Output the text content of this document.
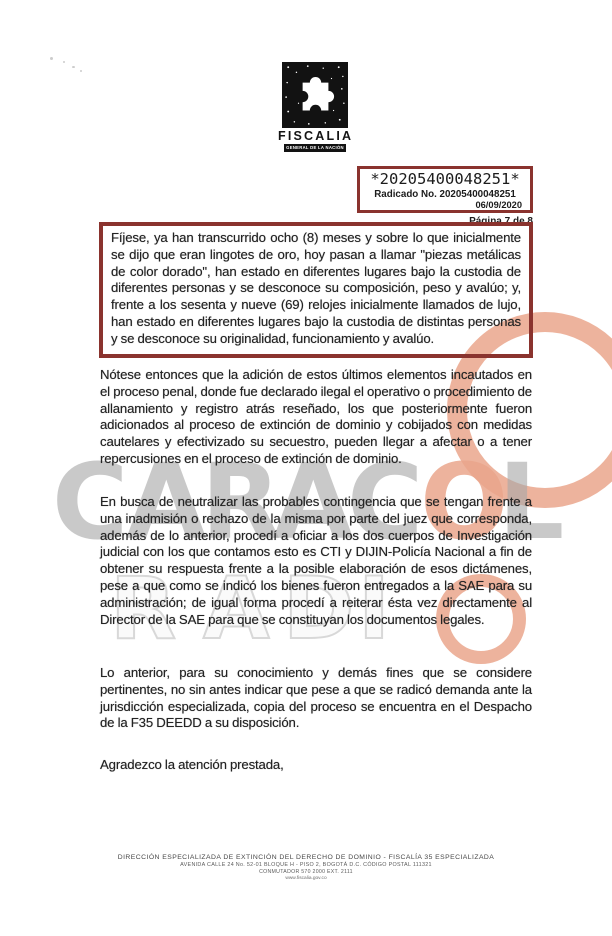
C
A
R
A
C
O
L
R A D I
FISCALIA
GENERAL DE LA NACIÓN
*20205400048251*
Radicado No. 20205400048251
06/09/2020
Página 7 de 8
Fíjese, ya han transcurrido ocho (8) meses y sobre lo que inicialmente se dijo que eran lingotes de oro, hoy pasan a llamar "piezas metálicas de color dorado", han estado en diferentes lugares bajo la custodia de diferentes personas y se desconoce su composición, peso y avalúo; y, frente a los sesenta y nueve (69) relojes inicialmente llamados de lujo, han estado en diferentes lugares bajo la custodia de distintas personas y se desconoce su originalidad, funcionamiento y avalúo.
Nótese entonces que la adición de estos últimos elementos incautados en el proceso penal, donde fue declarado ilegal el operativo o procedimiento de allanamiento y registro atrás reseñado, los que posteriormente fueron adicionados al proceso de extinción de dominio y cobijados con medidas cautelares y efectivizado su secuestro, pueden llegar a afectar o a tener repercusiones en el proceso de extinción de dominio.
En busca de neutralizar las probables contingencia que se tengan frente a una inadmisión o rechazo de la misma por parte del juez que corresponda, además de lo anterior, procedí a oficiar a los dos cuerpos de Investigación judicial con los que contamos esto es CTI y DIJIN-Policía Nacional a fin de obtener su respuesta frente a la posible elaboración de esos dictámenes, pese a que como se indicó los bienes fueron entregados a la SAE para su administración; de igual forma procedí a reiterar ésta vez directamente al Director de la SAE para que se constituyan los documentos legales.
Lo anterior, para su conocimiento y demás fines que se considere pertinentes, no sin antes indicar que pese a que se radicó demanda ante la jurisdicción especializada, copia del proceso se encuentra en el Despacho de la F35 DEEDD a su disposición.
Agradezco la atención prestada,
DIRECCIÓN ESPECIALIZADA DE EXTINCIÓN DEL DERECHO DE DOMINIO - FISCALÍA 35 ESPECIALIZADA
AVENIDA CALLE 24 No. 52-01 BLOQUE H - PISO 2, BOGOTÁ D.C. CÓDIGO POSTAL 111321
CONMUTADOR 570 2000 EXT. 2111
www.fiscalia.gov.co
